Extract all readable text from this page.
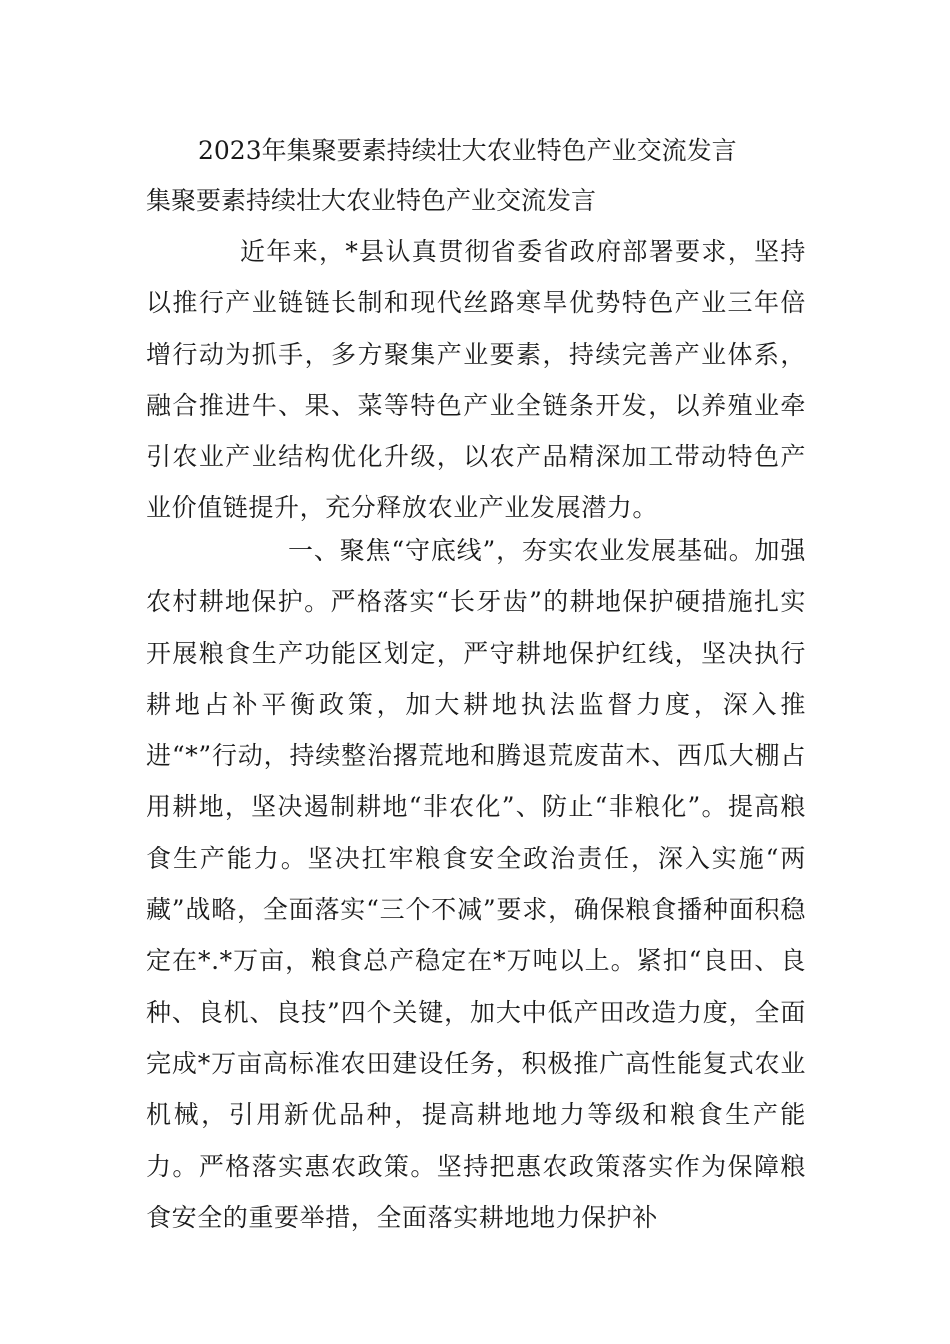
2023年集聚要素持续壮大农业特色产业交流发言
集聚要素持续壮大农业特色产业交流发言

近年来，*县认真贯彻省委省政府部署要求，坚持以推行产业链链长制和现代丝路寒旱优势特色产业三年倍增行动为抓手，多方聚集产业要素，持续完善产业体系，融合推进牛、果、菜等特色产业全链条开发，以养殖业牵引农业产业结构优化升级，以农产品精深加工带动特色产业价值链提升，充分释放农业产业发展潜力。

一、聚焦“守底线”，夯实农业发展基础。加强农村耕地保护。严格落实“长牙齿”的耕地保护硬措施扎实开展粮食生产功能区划定，严守耕地保护红线，坚决执行耕地占补平衡政策，加大耕地执法监督力度，深入推进“*”行动，持续整治撂荒地和腾退荒废苗木、西瓜大棚占用耕地，坚决遏制耕地“非农化”、防止“非粮化”。提高粮食生产能力。坚决扛牢粮食安全政治责任，深入实施“两藏”战略，全面落实“三个不减”要求，确保粮食播种面积稳定在*.*万亩，粮食总产稳定在*万吨以上。紧扣“良田、良种、良机、良技”四个关键，加大中低产田改造力度，全面完成*万亩高标准农田建设任务，积极推广高性能复式农业机械，引用新优品种，提高耕地地力等级和粮食生产能力。严格落实惠农政策。坚持把惠农政策落实作为保障粮食安全的重要举措，全面落实耕地地力保护补
